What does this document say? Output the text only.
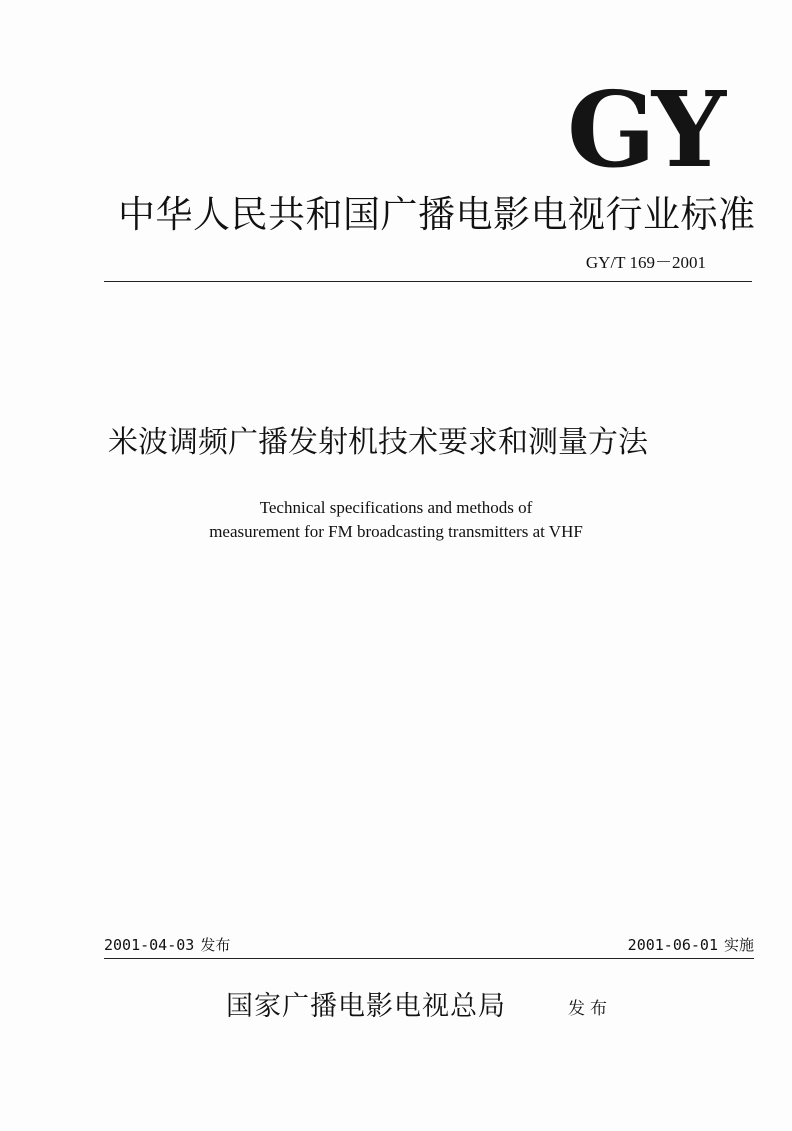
GY
中华人民共和国广播电影电视行业标准
GY/T 169－2001
米波调频广播发射机技术要求和测量方法
Technical specifications and methods of
measurement for FM broadcasting transmitters at VHF
2001-04-03 发布	2001-06-01 实施
国家广播电影电视总局	发布
